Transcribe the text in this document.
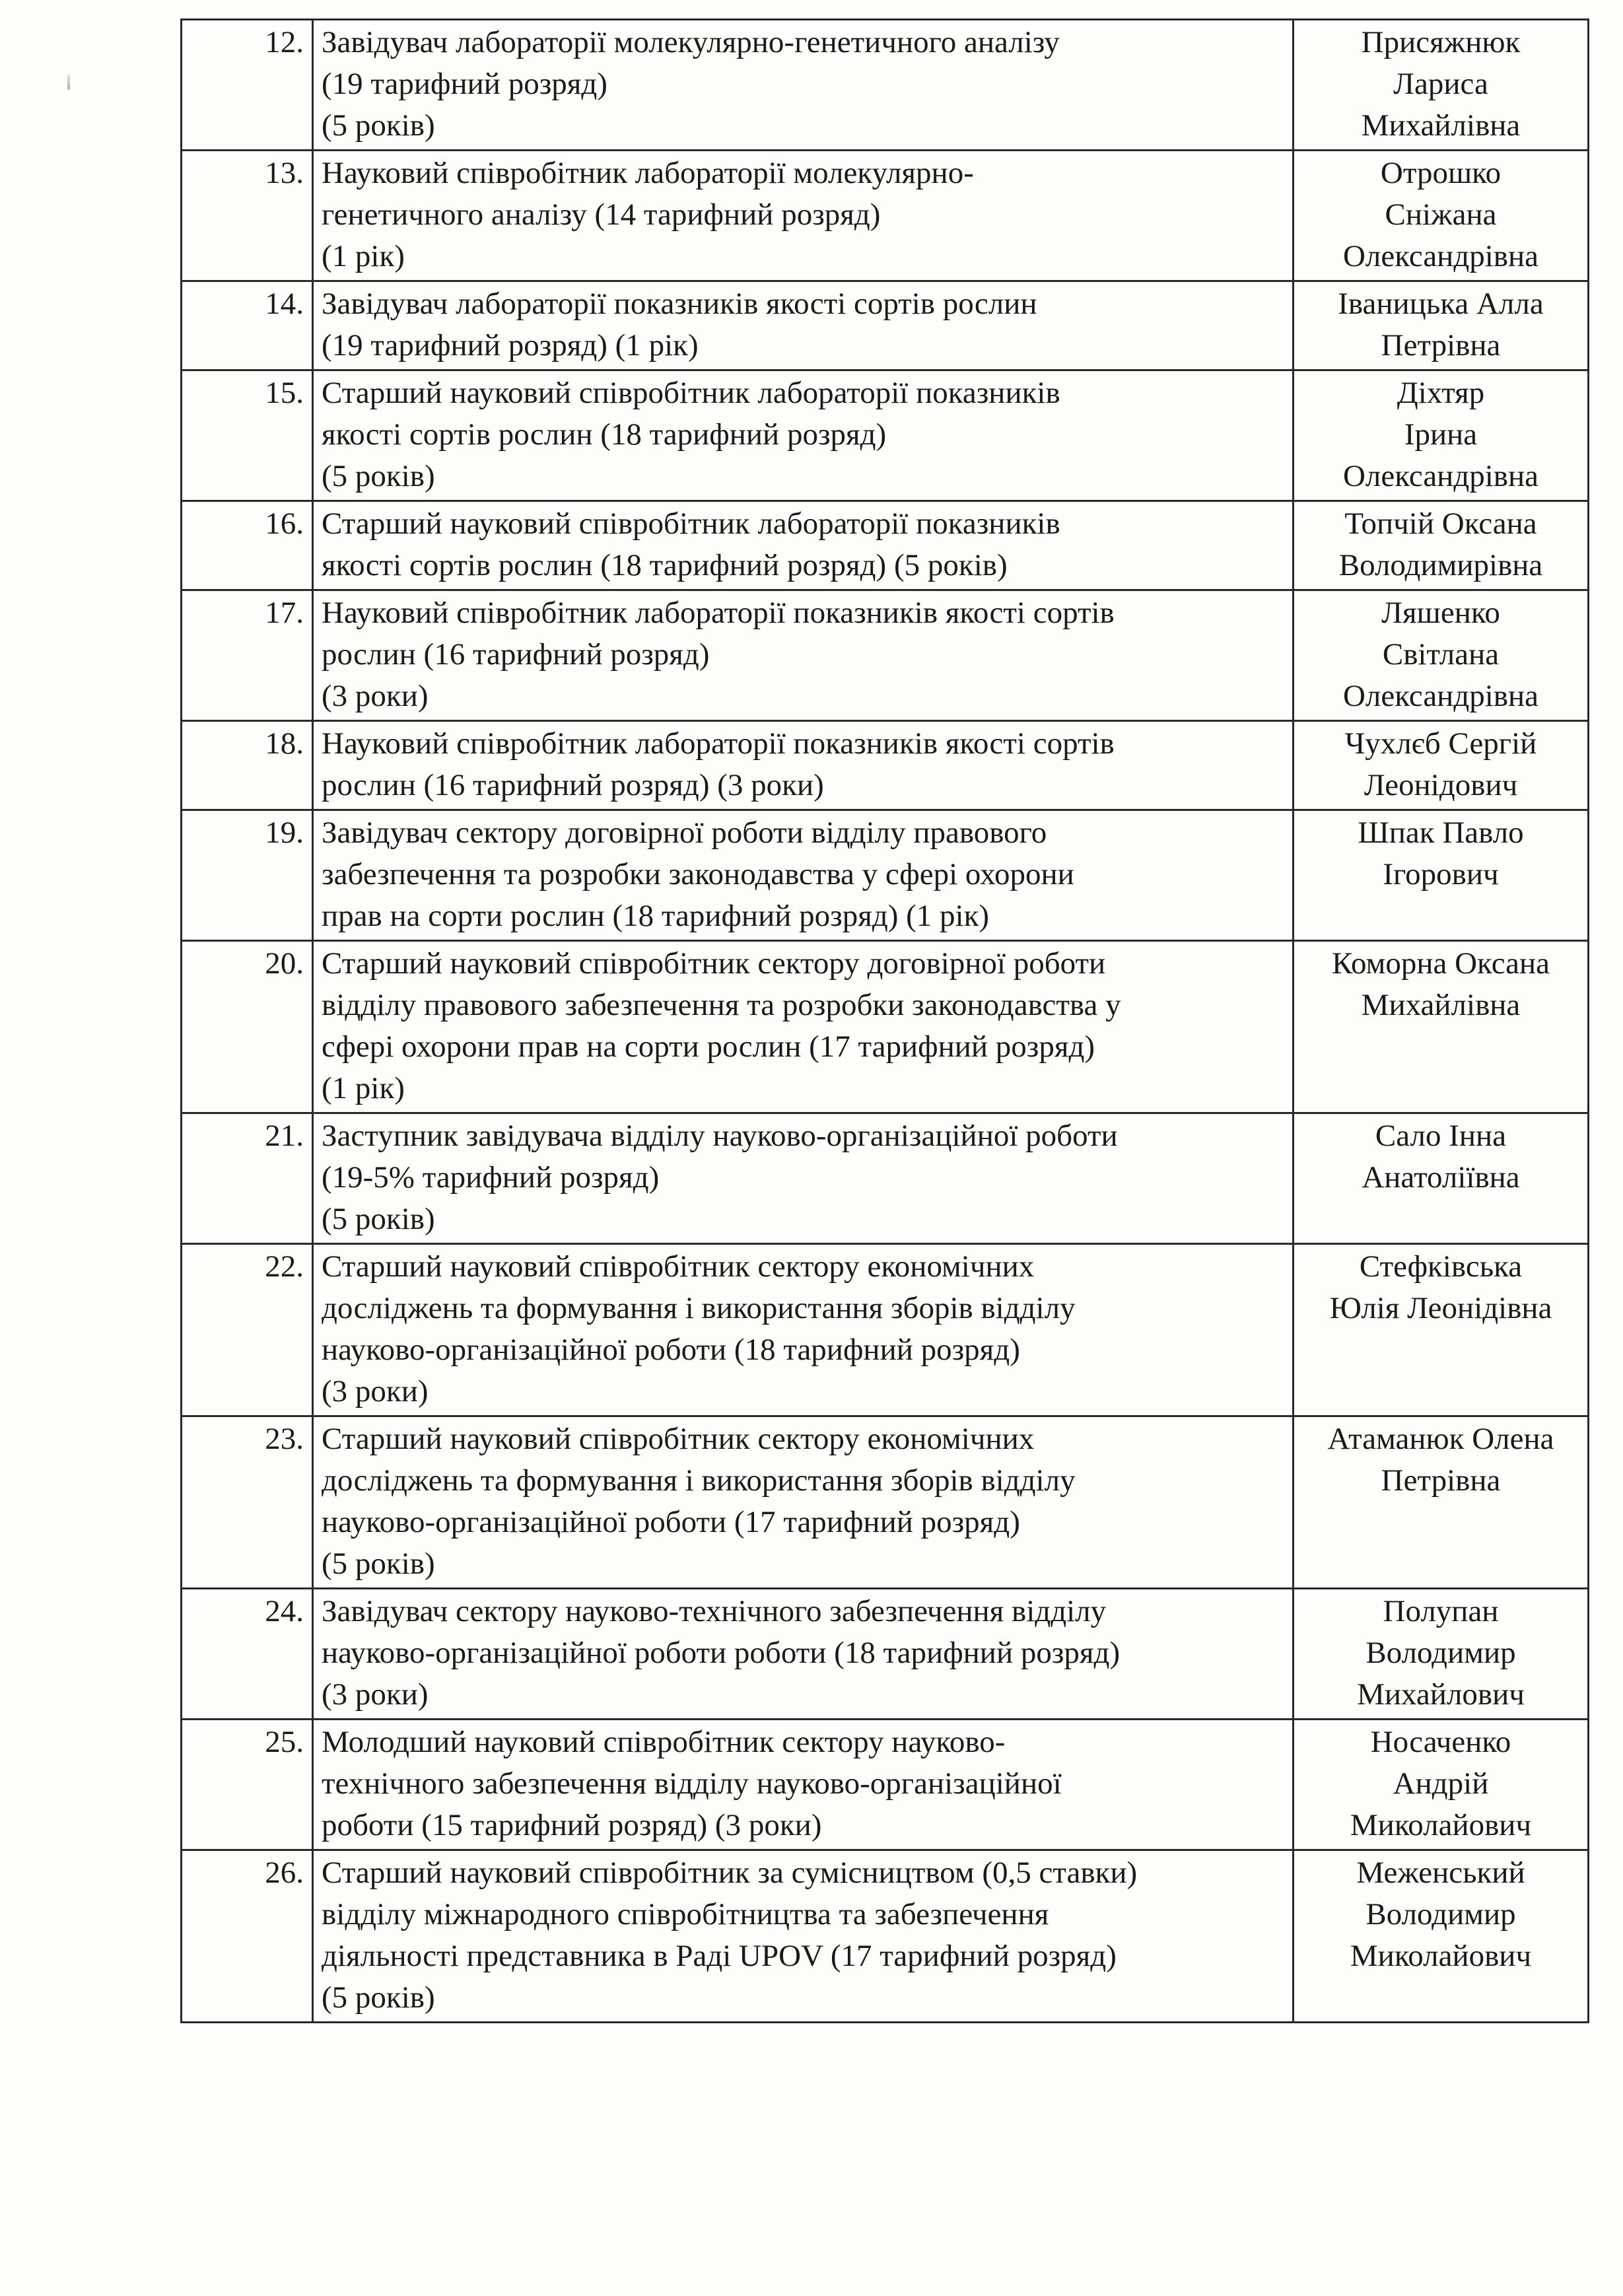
12.	Завідувач лабораторії молекулярно-генетичного аналізу
(19 тарифний розряд)
(5 років)	Присяжнюк
Лариса
Михайлівна

13.	Науковий співробітник лабораторії молекулярно-
генетичного аналізу (14 тарифний розряд)
(1 рік)	Отрошко
Сніжана
Олександрівна

14.	Завідувач лабораторії показників якості сортів рослин
(19 тарифний розряд) (1 рік)	Іваницька Алла
Петрівна

15.	Старший науковий співробітник лабораторії показників
якості сортів рослин (18 тарифний розряд)
(5 років)	Діхтяр
Ірина
Олександрівна

16.	Старший науковий співробітник лабораторії показників
якості сортів рослин (18 тарифний розряд) (5 років)	Топчій Оксана
Володимирівна

17.	Науковий співробітник лабораторії показників якості сортів
рослин (16 тарифний розряд)
(3 роки)	Ляшенко
Світлана
Олександрівна

18.	Науковий співробітник лабораторії показників якості сортів
рослин (16 тарифний розряд) (3 роки)	Чухлєб Сергій
Леонідович

19.	Завідувач сектору договірної роботи відділу правового
забезпечення та розробки законодавства у сфері охорони
прав на сорти рослин (18 тарифний розряд) (1 рік)	Шпак Павло
Ігорович

20.	Старший науковий співробітник сектору договірної роботи
відділу правового забезпечення та розробки законодавства у
сфері охорони прав на сорти рослин (17 тарифний розряд)
(1 рік)	Коморна Оксана
Михайлівна

21.	Заступник завідувача відділу науково-організаційної роботи
(19-5% тарифний розряд)
(5 років)	Сало Інна
Анатоліївна

22.	Старший науковий співробітник сектору економічних
досліджень та формування і використання зборів відділу
науково-організаційної роботи (18 тарифний розряд)
(3 роки)	Стефківська
Юлія Леонідівна

23.	Старший науковий співробітник сектору економічних
досліджень та формування і використання зборів відділу
науково-організаційної роботи (17 тарифний розряд)
(5 років)	Атаманюк Олена
Петрівна

24.	Завідувач сектору науково-технічного забезпечення відділу
науково-організаційної роботи роботи (18 тарифний розряд)
(3 роки)	Полупан
Володимир
Михайлович

25.	Молодший науковий співробітник сектору науково-
технічного забезпечення відділу науково-організаційної
роботи (15 тарифний розряд) (3 роки)	Носаченко
Андрій
Миколайович

26.	Старший науковий співробітник за сумісництвом (0,5 ставки)
відділу міжнародного співробітництва та забезпечення
діяльності представника в Раді UPOV (17 тарифний розряд)
(5 років)	Меженський
Володимир
Миколайович
